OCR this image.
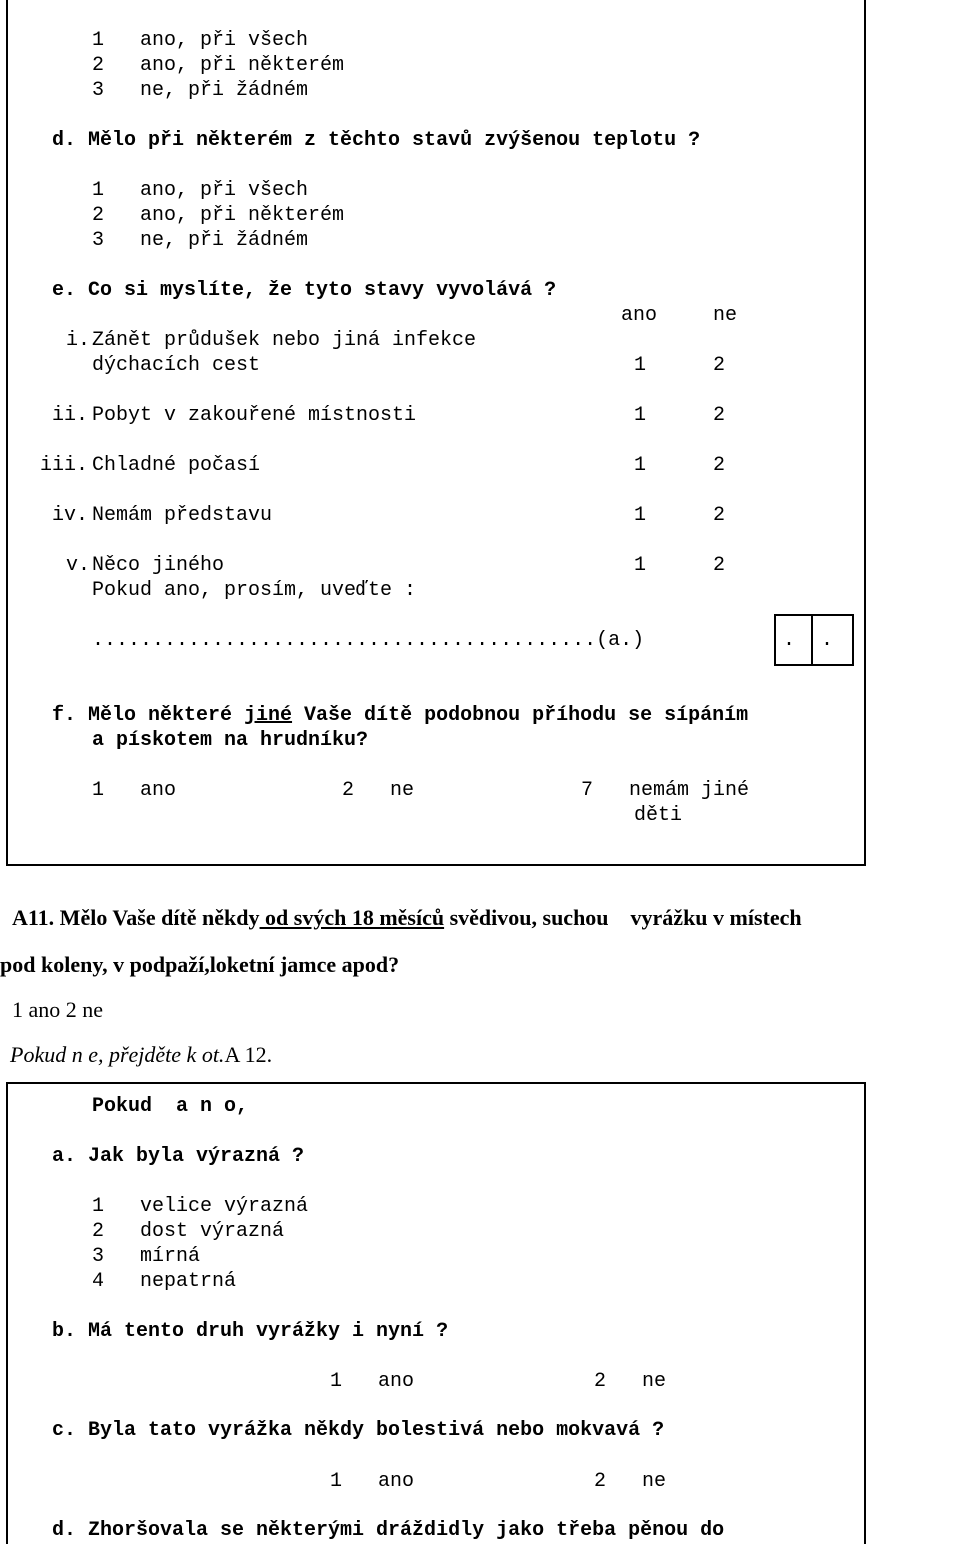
1   ano, při všech
2   ano, při některém
3   ne, při žádném
d. Mělo při některém z těchto stavů zvýšenou teplotu ?
1   ano, při všech
2   ano, při některém
3   ne, při žádném
e. Co si myslíte, že tyto stavy vyvolává ?
ano	ne
i. Zánět průdušek nebo jiná infekce
dýchacích cest	1	2
ii. Pobyt v zakouřené místnosti	1	2
iii. Chladné počasí	1	2
iv. Nemám představu	1	2
v. Něco jiného	1	2
Pokud ano, prosím, uveďte :
..........................................(a.)	. .
f. Mělo některé jiné Vaše dítě podobnou příhodu se sípáním
a pískotem na hrudníku?
1   ano	2   ne	7   nemám jiné
děti
A11. Mělo Vaše dítě někdy od svých 18 měsíců svědivou, suchou    vyrážku v místech
pod koleny, v podpaží,loketní jamce apod?
1 ano 2 ne
Pokud n e, přejděte k ot.A 12.
Pokud  a n o,
a. Jak byla výrazná ?
1   velice výrazná
2   dost výrazná
3   mírná
4   nepatrná
b. Má tento druh vyrážky i nyní ?
1   ano	2   ne
c. Byla tato vyrážka někdy bolestivá nebo mokvavá ?
1   ano	2   ne
d. Zhoršovala se některými dráždidly jako třeba pěnou do
